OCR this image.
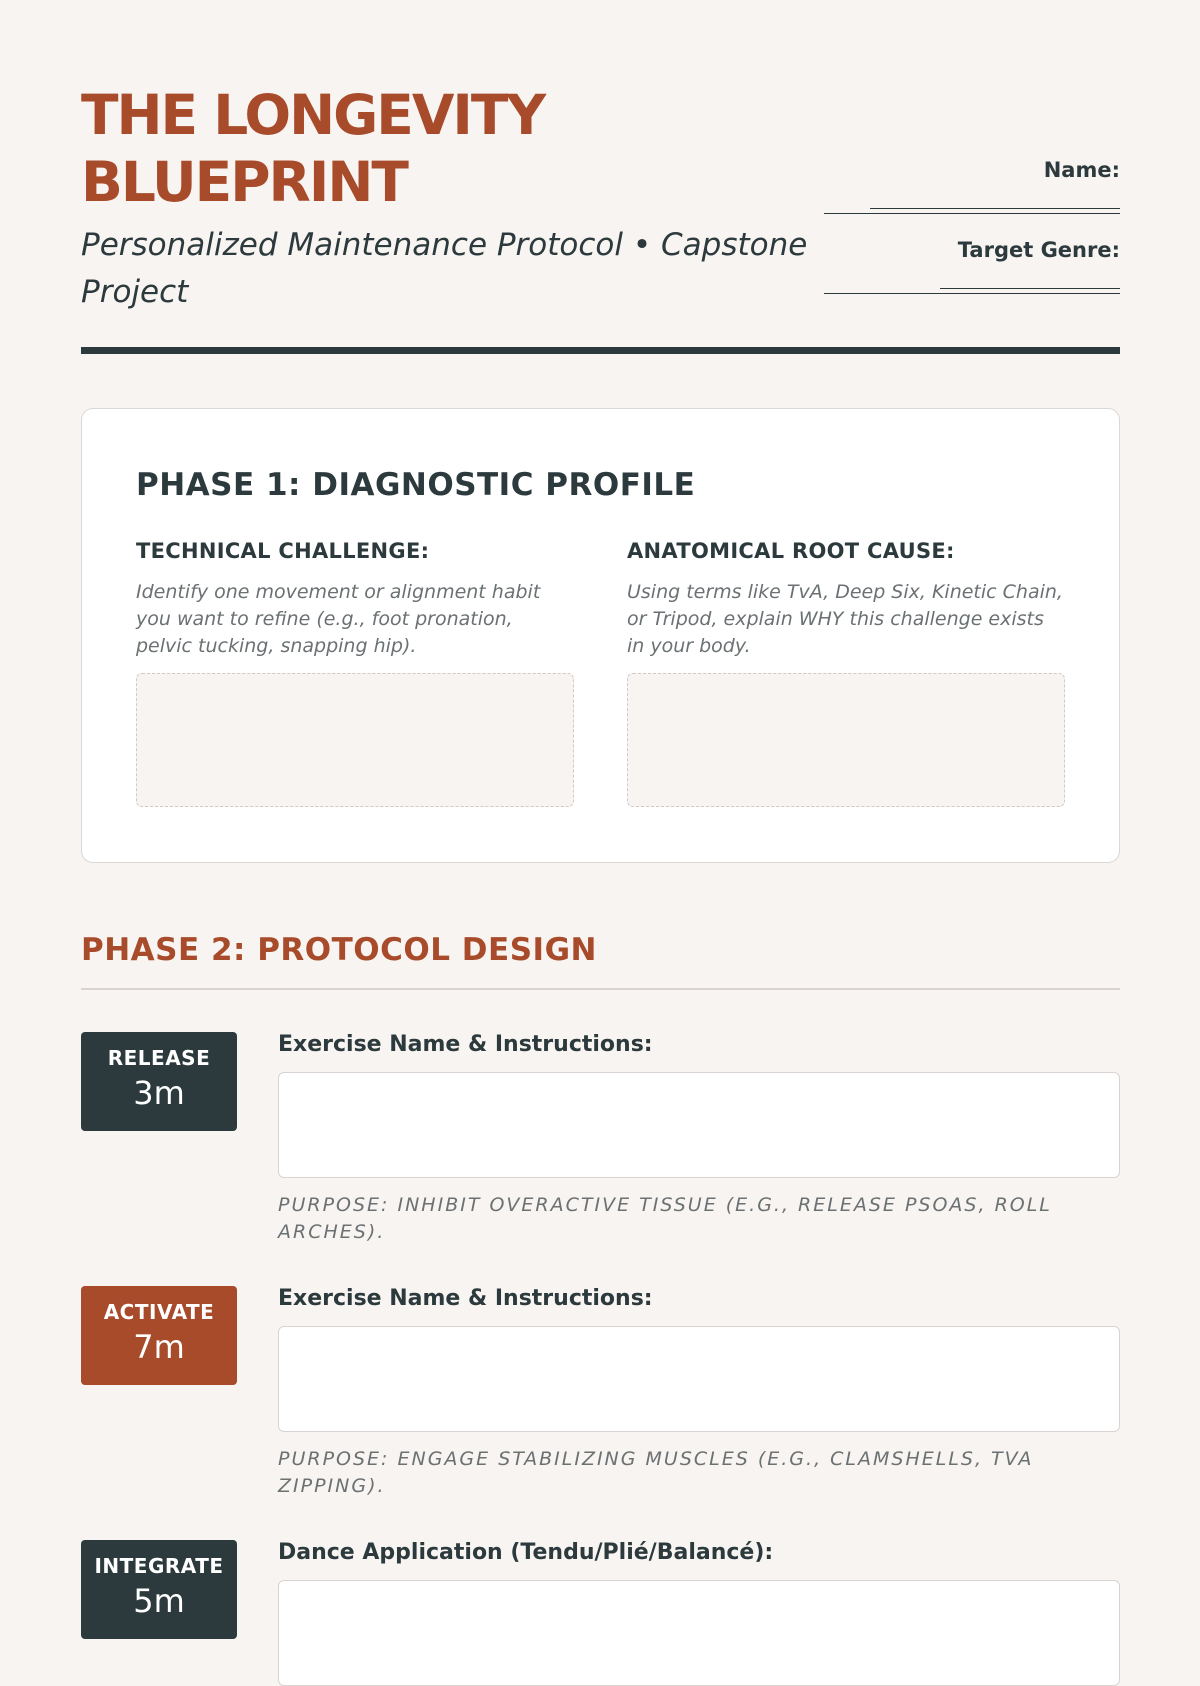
THE LONGEVITY BLUEPRINT
Personalized Maintenance Protocol • Capstone Project
Name:
Target Genre:
PHASE 1: DIAGNOSTIC PROFILE
TECHNICAL CHALLENGE:
Identify one movement or alignment habit you want to refine (e.g., foot pronation, pelvic tucking, snapping hip).
ANATOMICAL ROOT CAUSE:
Using terms like TvA, Deep Six, Kinetic Chain, or Tripod, explain WHY this challenge exists in your body.
PHASE 2: PROTOCOL DESIGN
RELEASE
3m
Exercise Name & Instructions:
PURPOSE: INHIBIT OVERACTIVE TISSUE (E.G., RELEASE PSOAS, ROLL ARCHES).
ACTIVATE
7m
Exercise Name & Instructions:
PURPOSE: ENGAGE STABILIZING MUSCLES (E.G., CLAMSHELLS, TVA ZIPPING).
INTEGRATE
5m
Dance Application (Tendu/Plié/Balancé):
